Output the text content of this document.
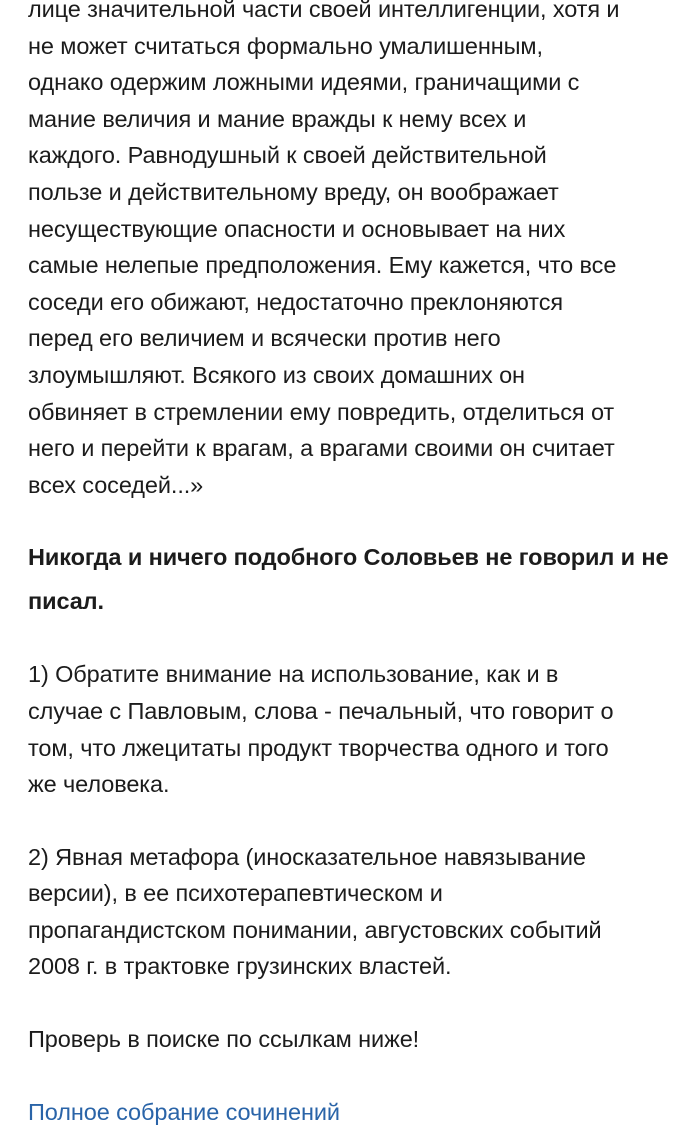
лице значительной части своей интеллигенции, хотя и
не может считаться формально умалишенным,
однако одержим ложными идеями, граничащими с
мание величия и мание вражды к нему всех и
каждого. Равнодушный к своей действительной
пользе и действительному вреду, он воображает
несуществующие опасности и основывает на них
самые нелепые предположения. Ему кажется, что все
соседи его обижают, недостаточно преклоняются
перед его величием и всячески против него
злоумышляют. Всякого из своих домашних он
обвиняет в стремлении ему повредить, отделиться от
него и перейти к врагам, а врагами своими он считает
всех соседей...»

Никогда и ничего подобного Соловьев не говорил и не
писал.

1) Обратите внимание на использование, как и в
случае с Павловым, слова - печальный, что говорит о
том, что лжецитаты продукт творчества одного и того
же человека.

2) Явная метафора (иносказательное навязывание
версии), в ее психотерапевтическом и
пропагандистском понимании, августовских событий
2008 г. в трактовке грузинских властей.

Проверь в поиске по ссылкам ниже!

Полное собрание сочинений
